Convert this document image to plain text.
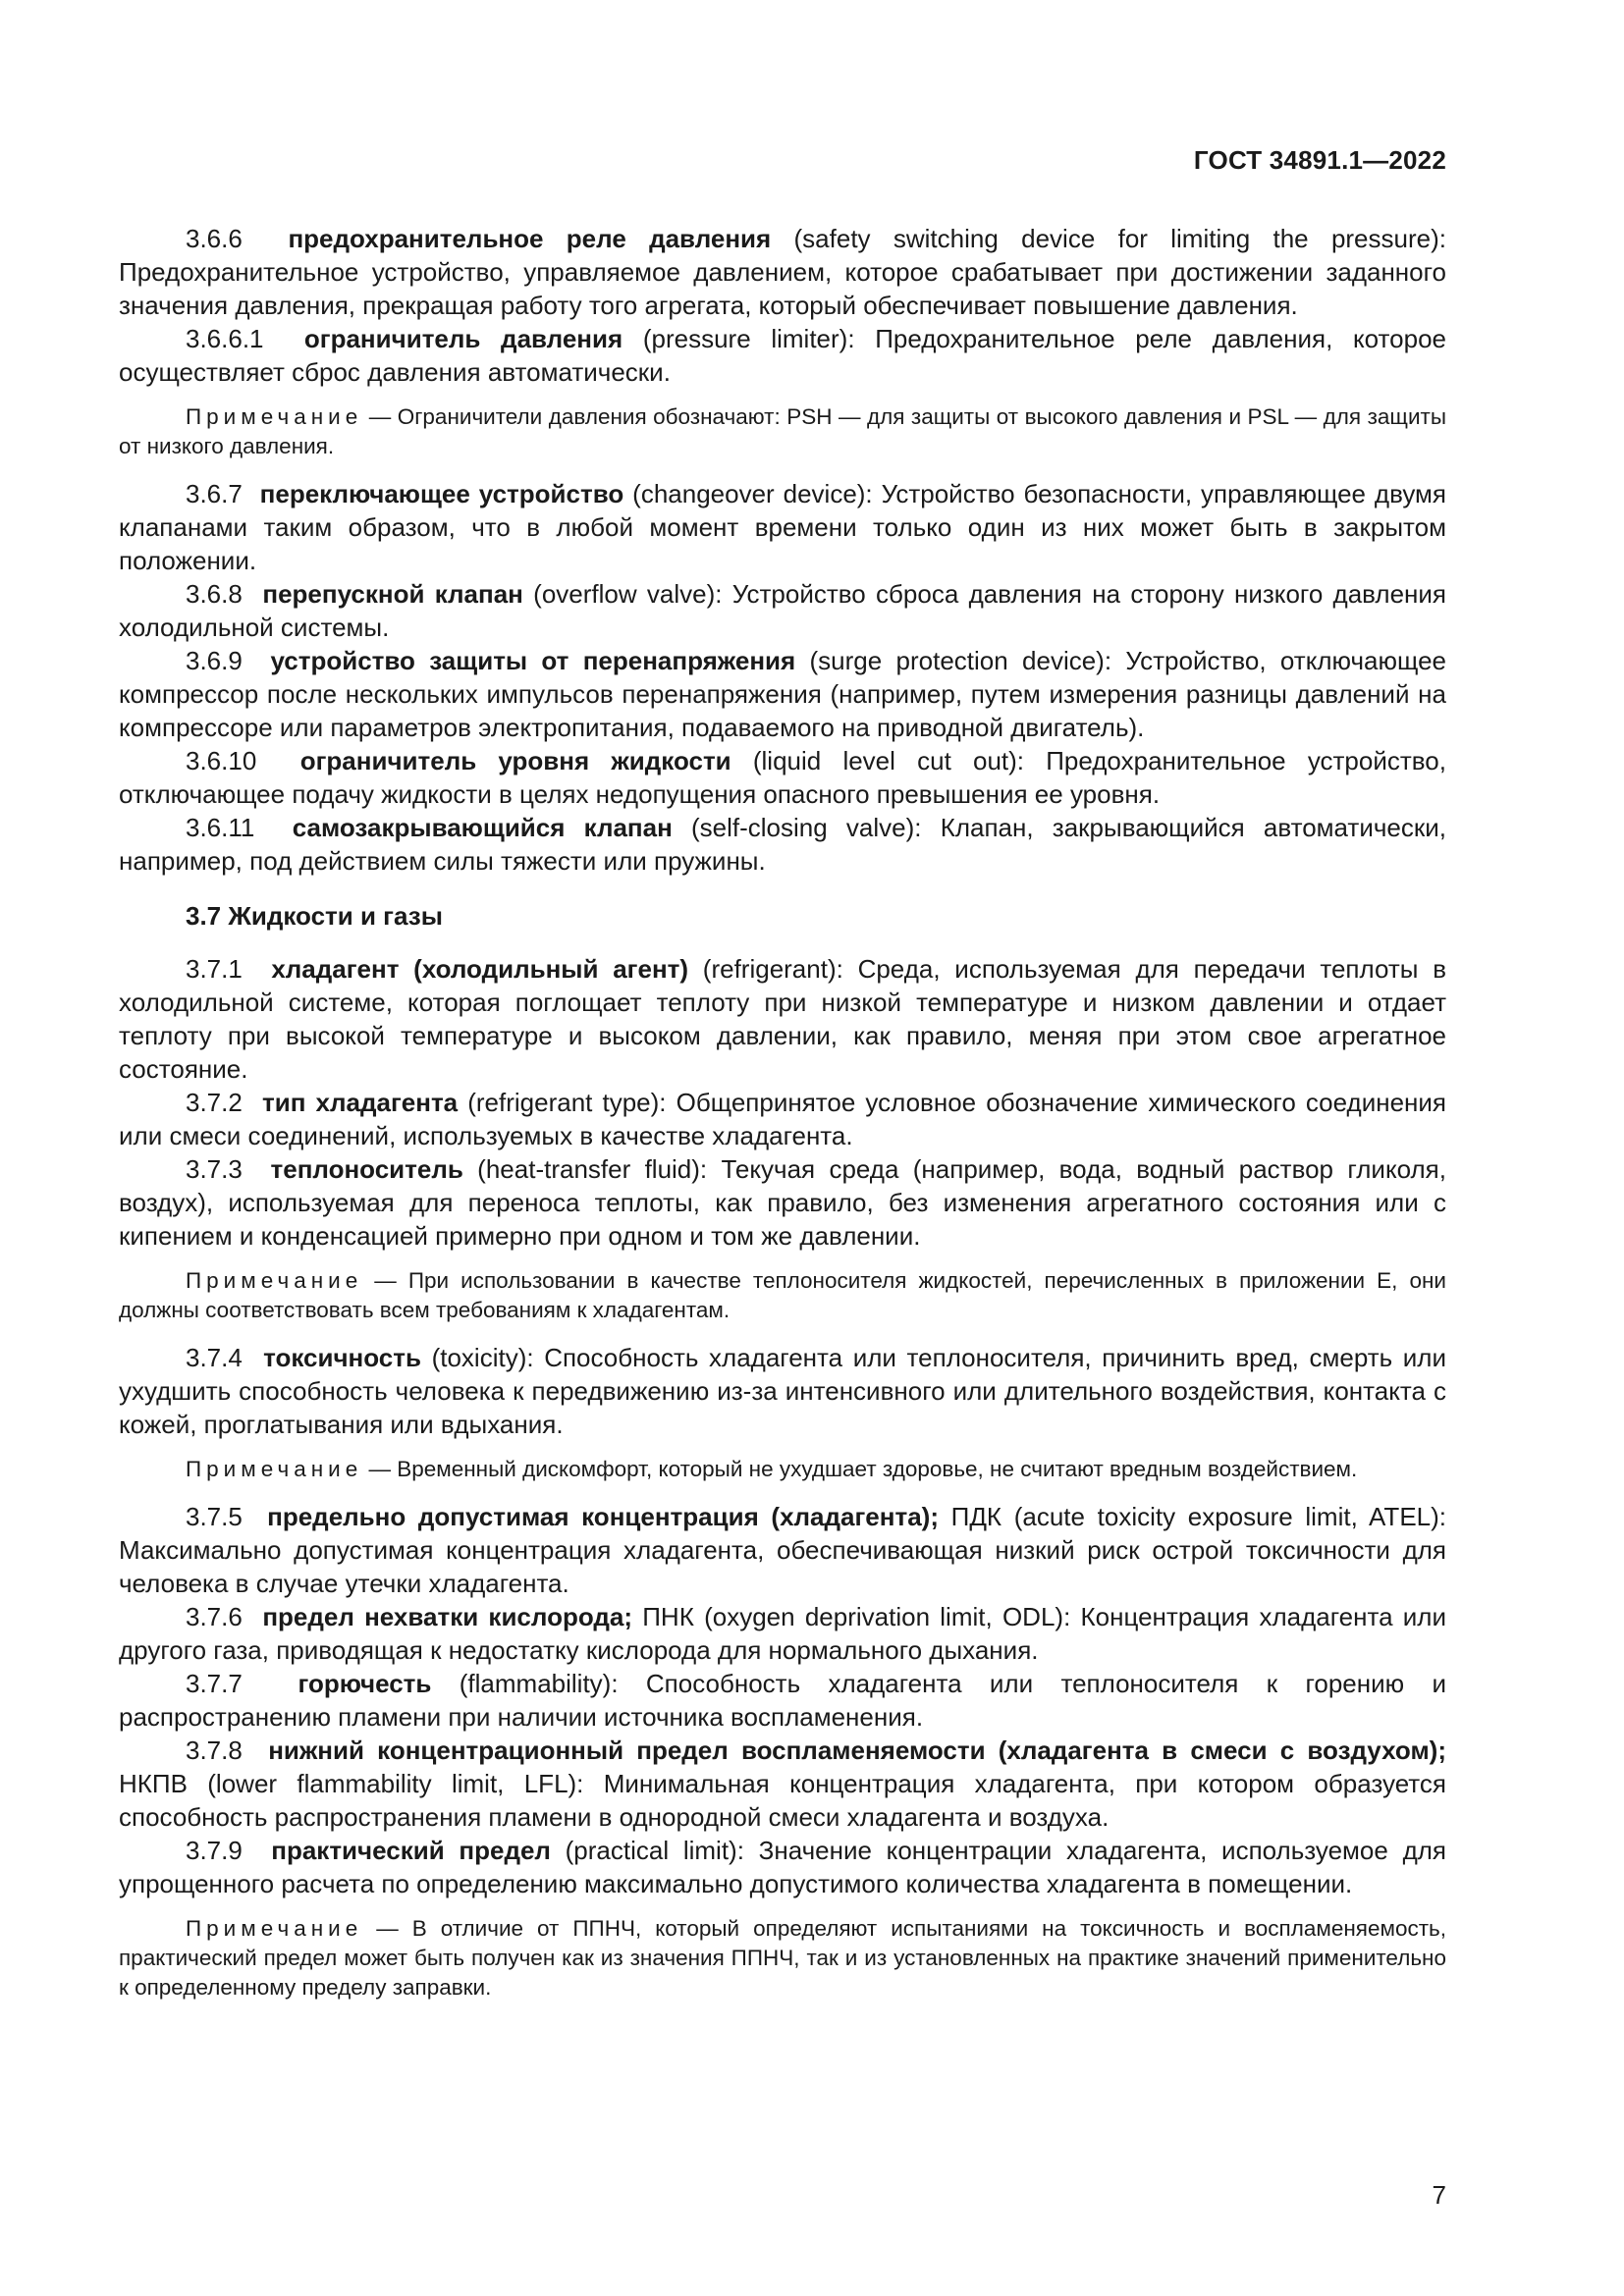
ГОСТ 34891.1—2022

3.6.6 предохранительное реле давления (safety switching device for limiting the pressure): Предохранительное устройство, управляемое давлением, которое срабатывает при достижении заданного значения давления, прекращая работу того агрегата, который обеспечивает повышение давления.

3.6.6.1 ограничитель давления (pressure limiter): Предохранительное реле давления, которое осуществляет сброс давления автоматически.

Примечание — Ограничители давления обозначают: PSH — для защиты от высокого давления и PSL — для защиты от низкого давления.

3.6.7 переключающее устройство (changeover device): Устройство безопасности, управляющее двумя клапанами таким образом, что в любой момент времени только один из них может быть в закрытом положении.

3.6.8 перепускной клапан (overflow valve): Устройство сброса давления на сторону низкого давления холодильной системы.

3.6.9 устройство защиты от перенапряжения (surge protection device): Устройство, отключающее компрессор после нескольких импульсов перенапряжения (например, путем измерения разницы давлений на компрессоре или параметров электропитания, подаваемого на приводной двигатель).

3.6.10 ограничитель уровня жидкости (liquid level cut out): Предохранительное устройство, отключающее подачу жидкости в целях недопущения опасного превышения ее уровня.

3.6.11 самозакрывающийся клапан (self-closing valve): Клапан, закрывающийся автоматически, например, под действием силы тяжести или пружины.

3.7 Жидкости и газы

3.7.1 хладагент (холодильный агент) (refrigerant): Среда, используемая для передачи теплоты в холодильной системе, которая поглощает теплоту при низкой температуре и низком давлении и отдает теплоту при высокой температуре и высоком давлении, как правило, меняя при этом свое агрегатное состояние.

3.7.2 тип хладагента (refrigerant type): Общепринятое условное обозначение химического соединения или смеси соединений, используемых в качестве хладагента.

3.7.3 теплоноситель (heat-transfer fluid): Текучая среда (например, вода, водный раствор гликоля, воздух), используемая для переноса теплоты, как правило, без изменения агрегатного состояния или с кипением и конденсацией примерно при одном и том же давлении.

Примечание — При использовании в качестве теплоносителя жидкостей, перечисленных в приложении Е, они должны соответствовать всем требованиям к хладагентам.

3.7.4 токсичность (toxicity): Способность хладагента или теплоносителя, причинить вред, смерть или ухудшить способность человека к передвижению из-за интенсивного или длительного воздействия, контакта с кожей, проглатывания или вдыхания.

Примечание — Временный дискомфорт, который не ухудшает здоровье, не считают вредным воздействием.

3.7.5 предельно допустимая концентрация (хладагента); ПДК (acute toxicity exposure limit, ATEL): Максимально допустимая концентрация хладагента, обеспечивающая низкий риск острой токсичности для человека в случае утечки хладагента.

3.7.6 предел нехватки кислорода; ПНК (oxygen deprivation limit, ODL): Концентрация хладагента или другого газа, приводящая к недостатку кислорода для нормального дыхания.

3.7.7 горючесть (flammability): Способность хладагента или теплоносителя к горению и распространению пламени при наличии источника воспламенения.

3.7.8 нижний концентрационный предел воспламеняемости (хладагента в смеси с воздухом); НКПВ (lower flammability limit, LFL): Минимальная концентрация хладагента, при котором образуется способность распространения пламени в однородной смеси хладагента и воздуха.

3.7.9 практический предел (practical limit): Значение концентрации хладагента, используемое для упрощенного расчета по определению максимально допустимого количества хладагента в помещении.

Примечание — В отличие от ППНЧ, который определяют испытаниями на токсичность и воспламеняемость, практический предел может быть получен как из значения ППНЧ, так и из установленных на практике значений применительно к определенному пределу заправки.

7
